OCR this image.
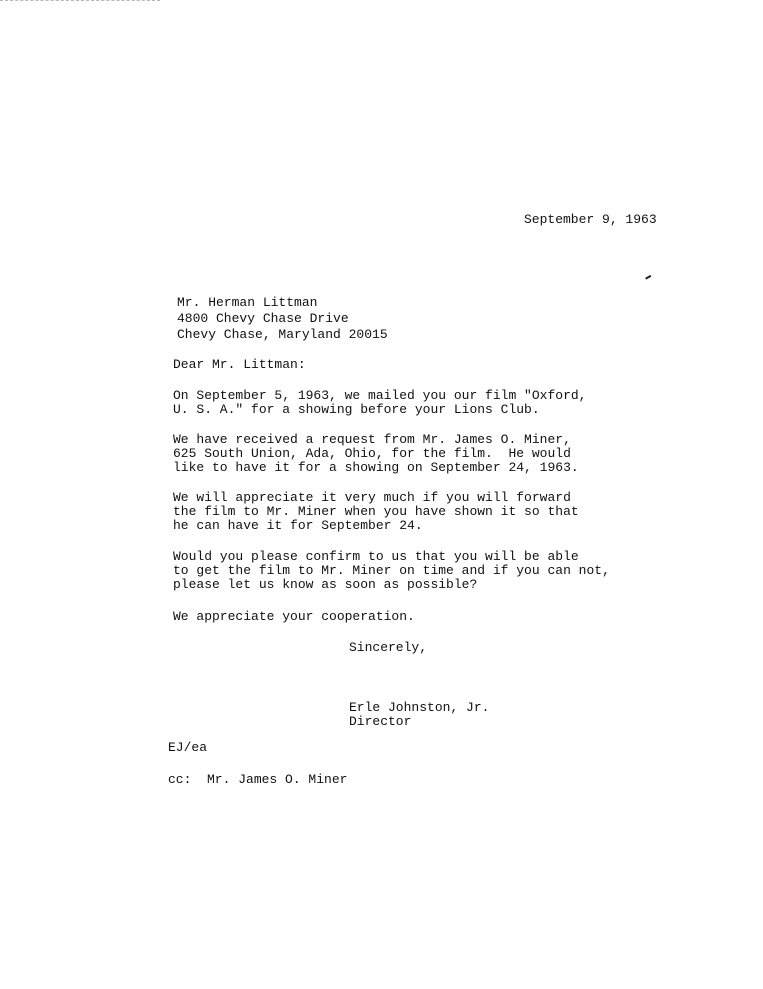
September 9, 1963
Mr. Herman Littman
4800 Chevy Chase Drive
Chevy Chase, Maryland 20015
Dear Mr. Littman:
On September 5, 1963, we mailed you our film "Oxford,
U. S. A." for a showing before your Lions Club.
We have received a request from Mr. James O. Miner,
625 South Union, Ada, Ohio, for the film.  He would
like to have it for a showing on September 24, 1963.
We will appreciate it very much if you will forward
the film to Mr. Miner when you have shown it so that
he can have it for September 24.
Would you please confirm to us that you will be able
to get the film to Mr. Miner on time and if you can not,
please let us know as soon as possible?
We appreciate your cooperation.
Sincerely,
Erle Johnston, Jr.
Director
EJ/ea
cc:  Mr. James O. Miner
